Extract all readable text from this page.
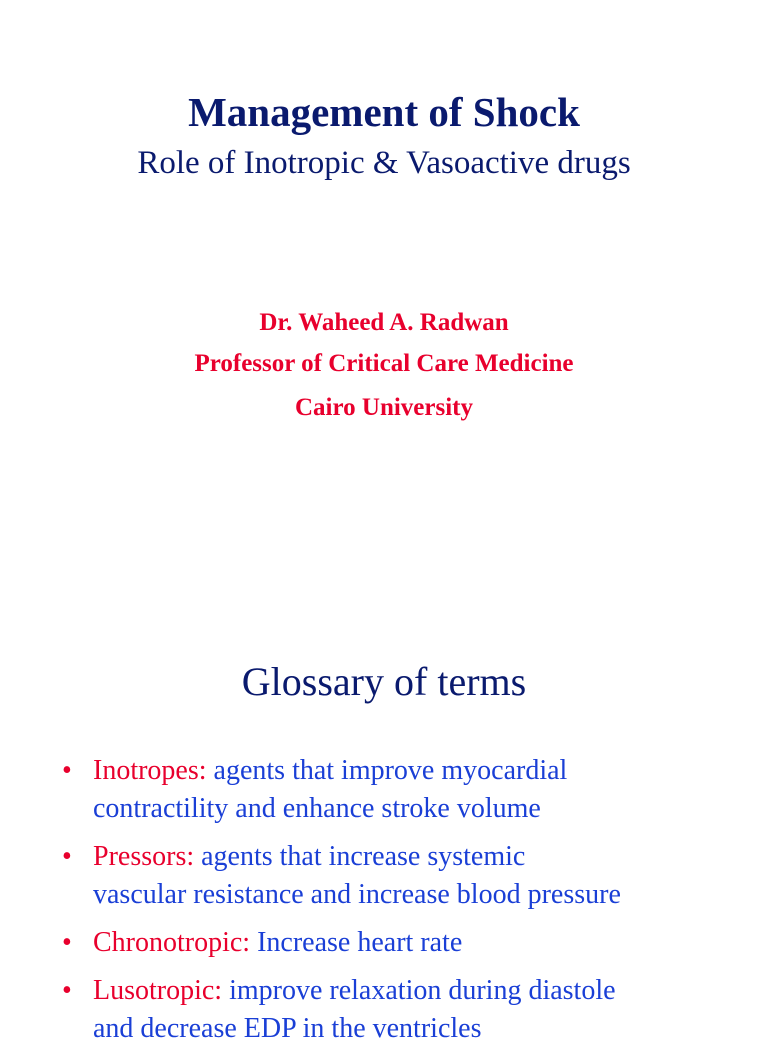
Management of Shock
Role of Inotropic & Vasoactive drugs
Dr. Waheed A. Radwan
Professor of Critical Care Medicine
Cairo University
Glossary of terms
• Inotropes: agents that improve myocardial
contractility and enhance stroke volume
• Pressors: agents that increase systemic
vascular resistance and increase blood pressure
• Chronotropic: Increase heart rate
• Lusotropic: improve relaxation during diastole
and decrease EDP in the ventricles
